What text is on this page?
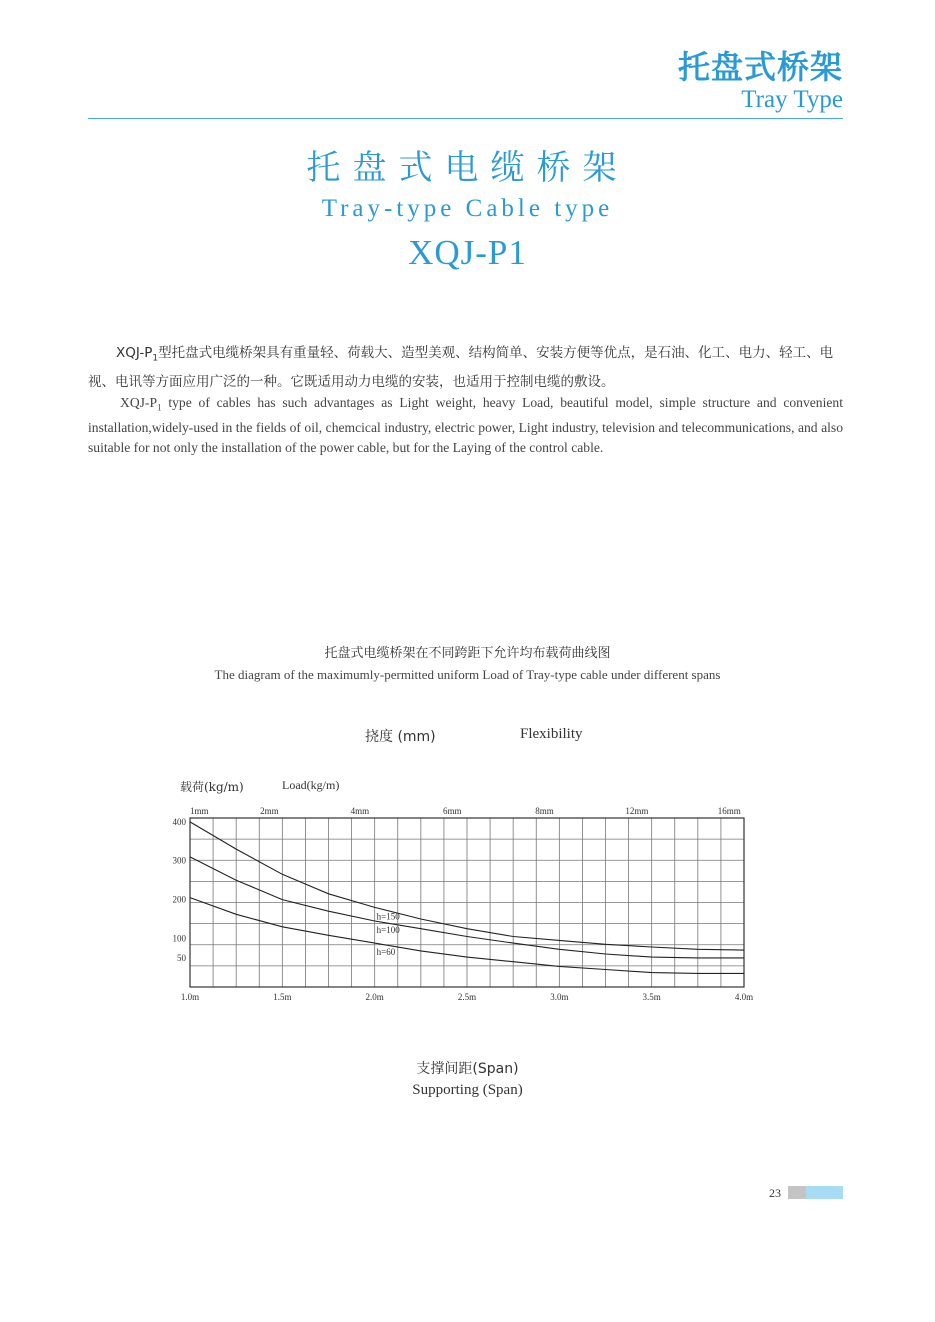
托盘式桥架
Tray Type
托盘式电缆桥架
Tray-type Cable type
XQJ-P1

XQJ-$P_1$型托盘式电缆桥架具有重量轻、荷载大、造型美观、结构简单、安装方便等优点，是石油、化工、电力、轻工、电视、电讯等方面应用广泛的一种。它既适用动力电缆的安装，也适用于控制电缆的敷设。

XQJ-$P_1$ type of cables has such advantages as Light weight, heavy Load, beautiful model, simple structure and convenient installation,widely-used in the fields of oil, chemcical industry, electric power, Light industry, television and telecommunications, and also suitable for not only the installation of the power cable, but for the Laying of the control cable.

托盘式电缆桥架在不同跨距下允许均布载荷曲线图
The diagram of the maximumly-permitted uniform Load of Tray-type cable under different spans
挠度 (mm)	Flexibility
载荷(kg/m)	Load(kg/m)
h=150
h=100
h=60
1.0m	1.5m	2.0m	2.5m	3.0m	3.5m	4.0m
400
300
200
100
50
1mm	2mm	4mm	6mm	8mm	12mm	16mm
支撑间距(Span)
Supporting (Span)
23
